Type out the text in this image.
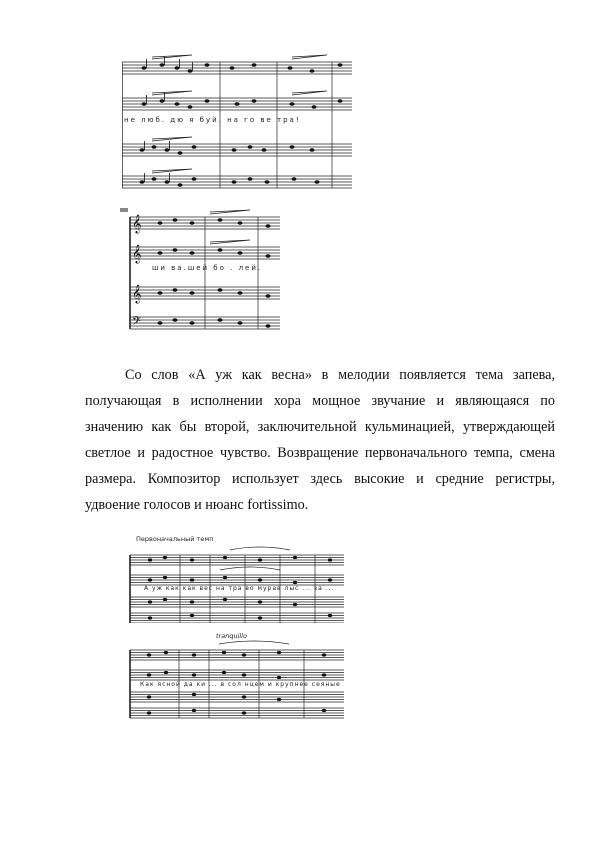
не люб. дю я буй. на го ве тра!
𝄞
𝄞
𝄞
𝄢
ши ва.шей бо . лей.

Со слов «А уж как весна» в мелодии появляется тема запева, получающая в исполнении хора мощное звучание и являющаяся по значению как бы второй, заключительной кульминацией, утверждающей светлое и радостное чувство. Возвращение первоначального темпа, смена размера. Композитор использует здесь высокие и средние регистры, удвоение голосов и нюанс fortissimo.

Первоначальный темп
А уж как как вес на тра во мурав лыс ... за ...
tranquillo
Как ясной да ки ... в сол нцем и крупнее сеяные
